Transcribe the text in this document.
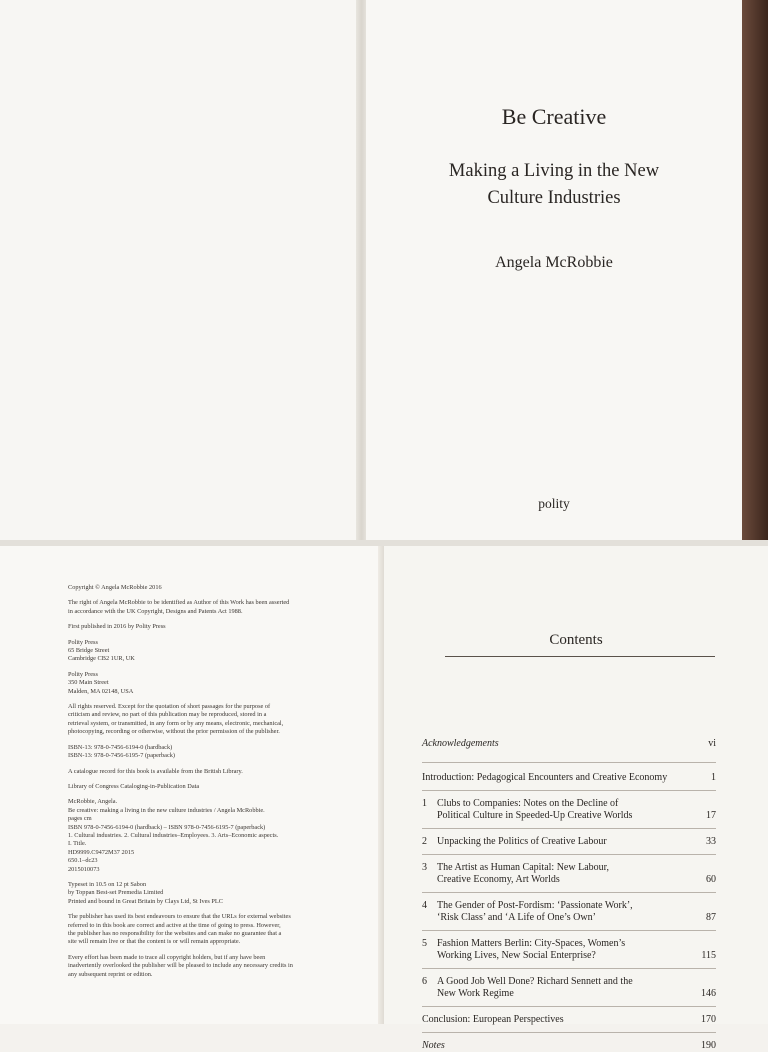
Be Creative
Making a Living in the New
Culture Industries
Angela McRobbie
polity

Copyright © Angela McRobbie 2016

The right of Angela McRobbie to be identified as Author of this Work has been asserted
in accordance with the UK Copyright, Designs and Patents Act 1988.

First published in 2016 by Polity Press

Polity Press
65 Bridge Street
Cambridge CB2 1UR, UK

Polity Press
350 Main Street
Malden, MA 02148, USA

All rights reserved. Except for the quotation of short passages for the purpose of
criticism and review, no part of this publication may be reproduced, stored in a
retrieval system, or transmitted, in any form or by any means, electronic, mechanical,
photocopying, recording or otherwise, without the prior permission of the publisher.

ISBN-13: 978-0-7456-6194-0 (hardback)
ISBN-13: 978-0-7456-6195-7 (paperback)

A catalogue record for this book is available from the British Library.

Library of Congress Cataloging-in-Publication Data

McRobbie, Angela.
Be creative: making a living in the new culture industries / Angela McRobbie.
pages cm
ISBN 978-0-7456-6194-0 (hardback) – ISBN 978-0-7456-6195-7 (paperback)
1. Cultural industries. 2. Cultural industries–Employees. 3. Arts–Economic aspects.
I. Title.
HD9999.C9472M37 2015
650.1–dc23
2015010073

Typeset in 10.5 on 12 pt Sabon
by Toppan Best-set Premedia Limited
Printed and bound in Great Britain by Clays Ltd, St Ives PLC

The publisher has used its best endeavours to ensure that the URLs for external websites
referred to in this book are correct and active at the time of going to press. However,
the publisher has no responsibility for the websites and can make no guarantee that a
site will remain live or that the content is or will remain appropriate.

Every effort has been made to trace all copyright holders, but if any have been
inadvertently overlooked the publisher will be pleased to include any necessary credits in
any subsequent reprint or edition.

Contents
Acknowledgements	vi
Introduction: Pedagogical Encounters and Creative Economy	1
1 Clubs to Companies: Notes on the Decline of
Political Culture in Speeded-Up Creative Worlds	17
2 Unpacking the Politics of Creative Labour	33
3 The Artist as Human Capital: New Labour,
Creative Economy, Art Worlds	60
4 The Gender of Post-Fordism: ‘Passionate Work’,
‘Risk Class’ and ‘A Life of One’s Own’	87
5 Fashion Matters Berlin: City-Spaces, Women’s
Working Lives, New Social Enterprise?	115
6 A Good Job Well Done? Richard Sennett and the
New Work Regime	146
Conclusion: European Perspectives	170
Notes	190
